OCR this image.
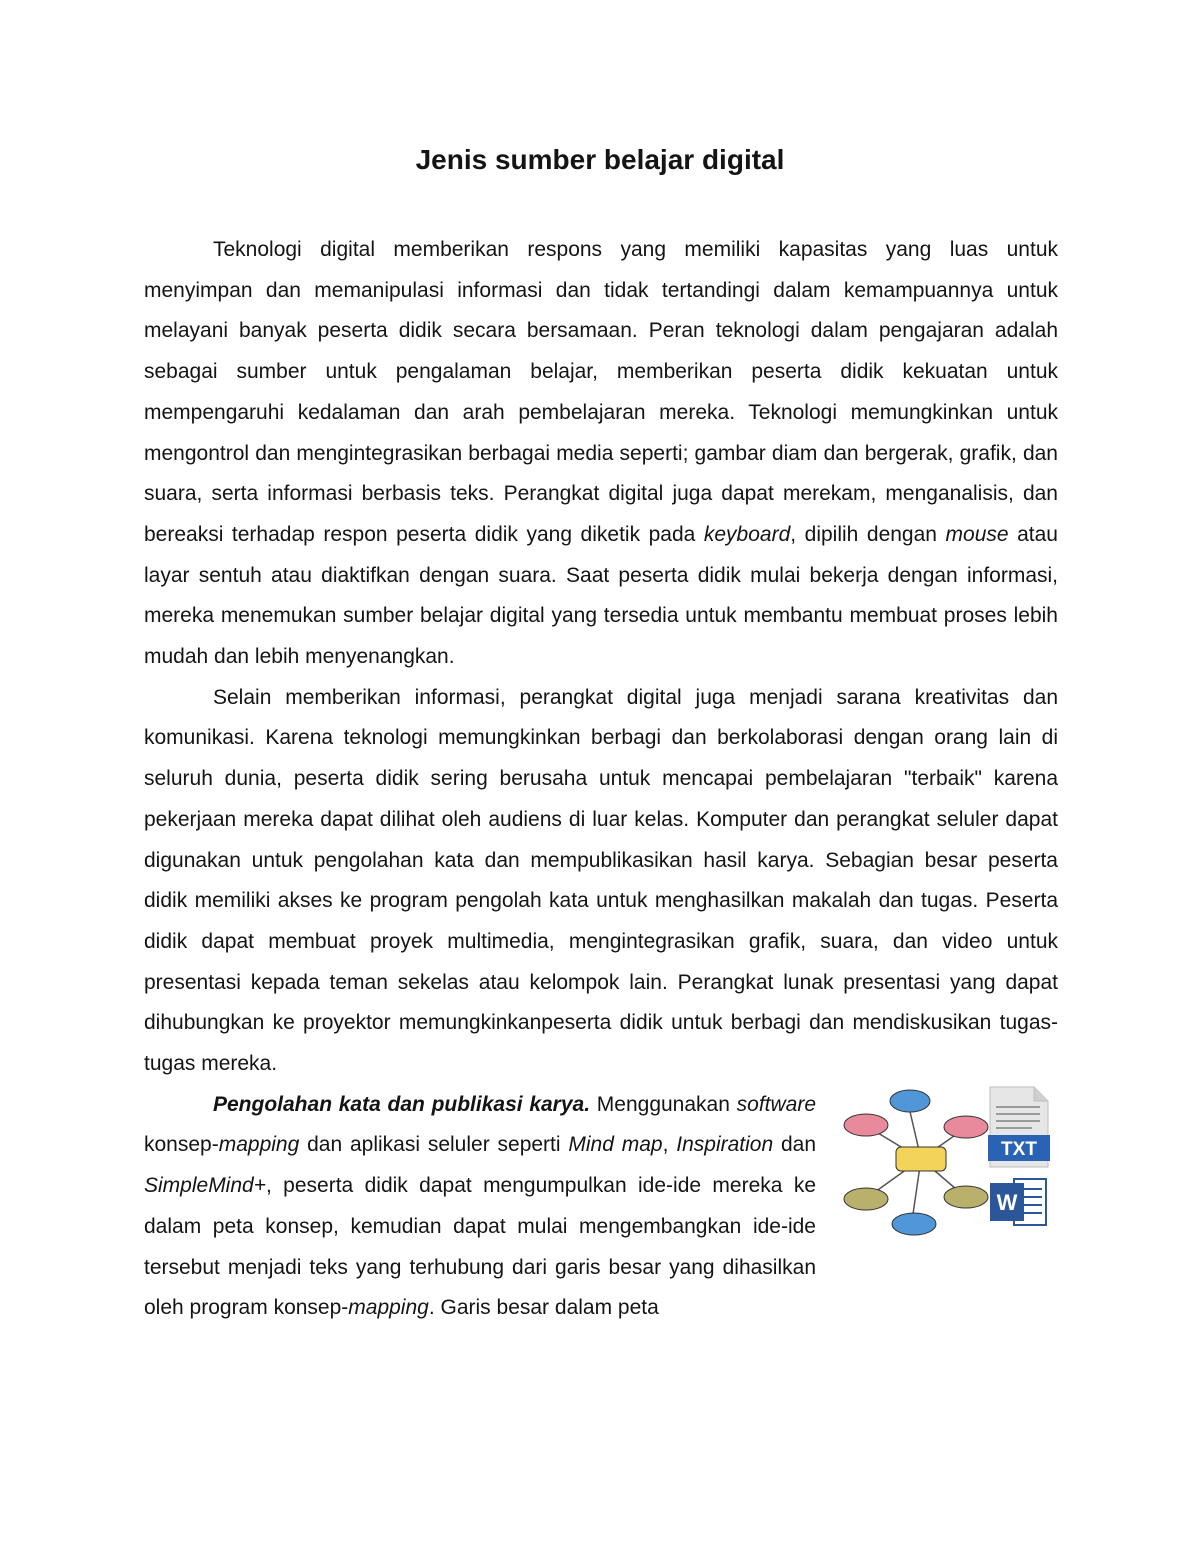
Jenis sumber belajar digital

Teknologi digital memberikan respons yang memiliki kapasitas yang luas untuk menyimpan dan memanipulasi informasi dan tidak tertandingi dalam kemampuannya untuk melayani banyak peserta didik secara bersamaan. Peran teknologi dalam pengajaran adalah sebagai sumber untuk pengalaman belajar, memberikan peserta didik kekuatan untuk mempengaruhi kedalaman dan arah pembelajaran mereka. Teknologi memungkinkan untuk mengontrol dan mengintegrasikan berbagai media seperti; gambar diam dan bergerak, grafik, dan suara, serta informasi berbasis teks. Perangkat digital juga dapat merekam, menganalisis, dan bereaksi terhadap respon peserta didik yang diketik pada keyboard, dipilih dengan mouse atau layar sentuh atau diaktifkan dengan suara. Saat peserta didik mulai bekerja dengan informasi, mereka menemukan sumber belajar digital yang tersedia untuk membantu membuat proses lebih mudah dan lebih menyenangkan.

Selain memberikan informasi, perangkat digital juga menjadi sarana kreativitas dan komunikasi. Karena teknologi memungkinkan berbagi dan berkolaborasi dengan orang lain di seluruh dunia, peserta didik sering berusaha untuk mencapai pembelajaran "terbaik" karena pekerjaan mereka dapat dilihat oleh audiens di luar kelas. Komputer dan perangkat seluler dapat digunakan untuk pengolahan kata dan mempublikasikan hasil karya. Sebagian besar peserta didik memiliki akses ke program pengolah kata untuk menghasilkan makalah dan tugas. Peserta didik dapat membuat proyek multimedia, mengintegrasikan grafik, suara, dan video untuk presentasi kepada teman sekelas atau kelompok lain. Perangkat lunak presentasi yang dapat dihubungkan ke proyektor memungkinkanpeserta didik untuk berbagi dan mendiskusikan tugas-tugas mereka.

TXT
W

Pengolahan kata dan publikasi karya. Menggunakan software konsep-mapping dan aplikasi seluler seperti Mind map, Inspiration dan SimpleMind+, peserta didik dapat mengumpulkan ide-ide mereka ke dalam peta konsep, kemudian dapat mulai mengembangkan ide-ide tersebut menjadi teks yang terhubung dari garis besar yang dihasilkan oleh program konsep-mapping. Garis besar dalam peta
